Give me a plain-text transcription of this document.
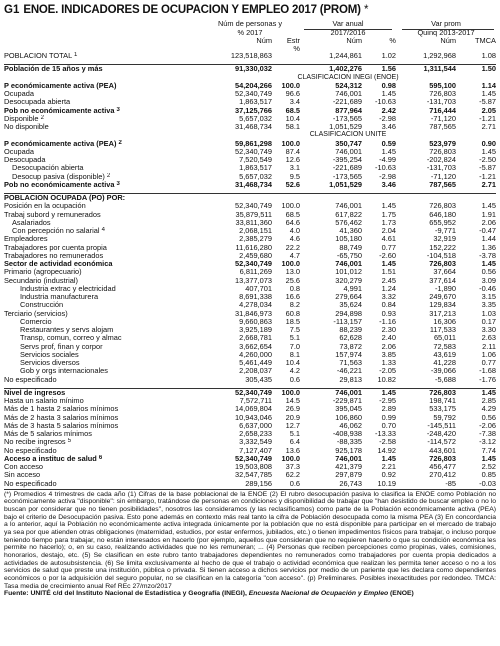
G1 ENOE. INDICADORES DE OCUPACION Y EMPLEO 2017 (PROM) *
Núm de personas y
% 2017
Var anual
2017/2016
Var prom
Quinq 2013-2017
Núm	Estr
%
Núm	%	Núm	TMCA
POBLACION TOTAL $^1$	123,518,863		1,244,861	1.02	1,292,968	1.08

Población de 15 años y más	91,330,032		1,402,276	1.56	1,311,544	1.50
	CLASIFICACION INEGI (ENOE)					
P económicamente activa (PEA)	54,204,266	100.0	524,312	0.98	595,100	1.14
Ocupada	52,340,749	96.6	746,001	1.45	726,803	1.45
Desocupada abierta	1,863,517	3.4	-221,689	-10.63	-131,703	-5.87
Pob no económicamente activa $^3$	37,125,766	68.5	877,964	2.42	716,444	2.05
Disponible $^2$	5,657,032	10.4	-173,565	-2.98	-71,120	-1.21
No disponible	31,468,734	58.1	1,051,529	3.46	787,565	2.71
	CLASIFICACION UNITÉ					
P económicamente activa (PEA) $^2$	59,861,298	100.0	350,747	0.59	523,979	0.90
Ocupada	52,340,749	87.4	746,001	1.45	726,803	1.45
Desocupada	7,520,549	12.6	-395,254	-4.99	-202,824	-2.50
Desocupación abierta	1,863,517	3.1	-221,689	-10.63	-131,703	-5.87
Desocup pasiva (disponible) $^2$	5,657,032	9.5	-173,565	-2.98	-71,120	-1.21
Pob no económicamente activa $^3$	31,468,734	52.6	1,051,529	3.46	787,565	2.71

POBLACION OCUPADA (PO) POR:						
Posición en la ocupación	52,340,749	100.0	746,001	1.45	726,803	1.45
Trabaj subord y remunerados	35,879,511	68.5	617,822	1.75	646,180	1.91
Asalariados	33,811,360	64.6	576,462	1.73	655,952	2.06
Con percepción no salarial $^4$	2,068,151	4.0	41,360	2.04	-9,771	-0.47
Empleadores	2,385,279	4.6	105,180	4.61	32,919	1.44
Trabajadores por cuenta propia	11,616,280	22.2	88,749	0.77	152,222	1.36
Trabajadores no remunerados	2,459,680	4.7	-65,750	-2.60	-104,518	-3.78
Sector de actividad económica	52,340,749	100.0	746,001	1.45	726,803	1.45
Primario (agropecuario)	6,811,269	13.0	101,012	1.51	37,664	0.56
Secundario (industrial)	13,377,073	25.6	320,279	2.45	377,614	3.09
Industria extrac y electricidad	407,701	0.8	4,991	1.24	-1,890	-0.46
Industria manufacturera	8,691,338	16.6	279,664	3.32	249,670	3.15
Construcción	4,278,034	8.2	35,624	0.84	129,834	3.35
Terciario (servicios)	31,846,973	60.8	294,898	0.93	317,213	1.03
Comercio	9,660,863	18.5	-113,157	-1.16	16,306	0.17
Restaurantes y servs alojam	3,925,189	7.5	88,239	2.30	117,533	3.30
Transp, comun, correo y almac	2,668,781	5.1	62,628	2.40	65,011	2.63
Servs prof, finan y corpor	3,662,654	7.0	73,872	2.06	72,583	2.11
Servicios sociales	4,260,000	8.1	157,974	3.85	43,619	1.06
Servicios diversos	5,461,449	10.4	71,563	1.33	41,228	0.77
Gob y orgs internacionales	2,208,037	4.2	-46,221	-2.05	-39,066	-1.68
No especificado	305,435	0.6	29,813	10.82	-5,688	-1.76

Nivel de ingresos	52,340,749	100.0	746,001	1.45	726,803	1.45
Hasta un salario mínimo	7,572,711	14.5	-229,871	-2.95	198,741	2.85
Más de 1 hasta 2 salarios mínimos	14,069,804	26.9	395,045	2.89	533,175	4.29
Más de 2 hasta 3 salarios mínimos	10,943,046	20.9	106,860	0.99	59,792	0.56
Más de 3 hasta 5 salarios mínimos	6,637,000	12.7	46,062	0.70	-145,511	-2.06
Más de 5 salarios mínimos	2,658,233	5.1	-408,938	-13.33	-248,420	-7.38
No recibe ingresos $^5$	3,332,549	6.4	-88,335	-2.58	-114,572	-3.12
No especificado	7,127,407	13.6	925,178	14.92	443,601	7.74
Acceso a instituc de salud $^6$	52,340,749	100.0	746,001	1.45	726,803	1.45
Con acceso	19,503,808	37.3	421,379	2.21	456,477	2.52
Sin acceso	32,547,785	62.2	297,879	0.92	270,412	0.85
No especificado	289,156	0.6	26,743	10.19	-85	-0.03
(*) Promedios 4 trimestres de cada año (1) Cifras de la base poblacional de la ENOE (2) El rubro desocupación pasiva lo clasifica la ENOE como Población no económicamente activa "disponible": sin embargo, tratándose de personas en condiciones y disponibilidad de trabajar que "han desistido de buscar empleo o no lo buscan por considerar que no tienen posibilidades", nosotros las consideramos (y las reclasificamos) como parte de la Población económicamente activa (PEA) bajo el criterio de Desocupación pasiva. Esto pone además en contexto más real tanto la cifra de Población desocupada como la misma PEA (3) En concordancia a lo anterior, aquí la Población no económicamente activa integrada únicamente por la población que no está disponible para participar en el mercado de trabajo ya sea por que atienden otras obligaciones (maternidad, estudios, por estar enfermos, jubilados, etc.) o tienen impedimentos físicos para trabajar, o incluso porque teniendo tiempo para trabajar, no están interesados en hacerlo (por ejemplo, aquellos que consideran que no requieren hacerlo o que su condición económica les permite no hacerlo); o, en su caso, realizando actividades que no les remuneran; ... (4) Personas que reciben percepciones como propinas, vales, comisiones, honorarios, destajo, etc. (5) Se clasifican en este rubro tanto trabajadores dependientes no remunerados como trabajadores por cuenta propia dedicados a actividades de autosubsistencia. (6) Se limita exclusivamente al hecho de que el trabajo o actividad económica que realizan les permita tener acceso o no a los servicios de salud que preste una institución, pública o privada. Si tienen acceso a dichos servicios por medio de un pariente que les declara como dependientes económicos o por la adquisición del seguro popular, no se clasifican en la categoría "con acceso". (p) Preliminares. Posibles inexactitudes por redondeo. TMCA: Tasa media de crecimiento anual Ref REc 27/mzo/2017
Fuente: UNITÉ c/d del Instituto Nacional de Estadística y Geografía (INEGI), Encuesta Nacional de Ocupación y Empleo (ENOE)
